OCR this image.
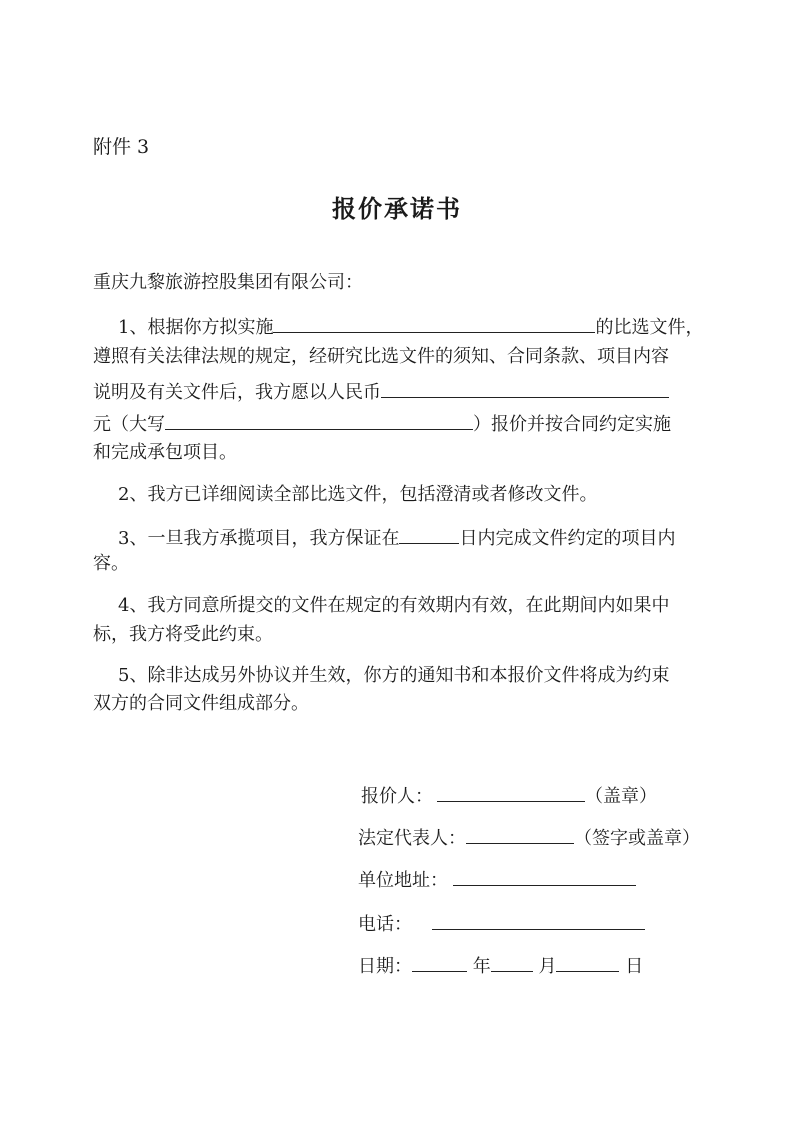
附件 3
报价承诺书
重庆九黎旅游控股集团有限公司：
1、根据你方拟实施	的比选文件，
遵照有关法律法规的规定，经研究比选文件的须知、合同条款、项目内容
说明及有关文件后，我方愿以人民币
元（大写	）报价并按合同约定实施
和完成承包项目。
2、我方已详细阅读全部比选文件，包括澄清或者修改文件。
3、一旦我方承揽项目，我方保证在	日内完成文件约定的项目内
容。
4、我方同意所提交的文件在规定的有效期内有效，在此期间内如果中
标，我方将受此约束。
5、除非达成另外协议并生效，你方的通知书和本报价文件将成为约束
双方的合同文件组成部分。
报价人：	（盖章）
法定代表人：	（签字或盖章）
单位地址：
电话：
日期：	年	月	日
